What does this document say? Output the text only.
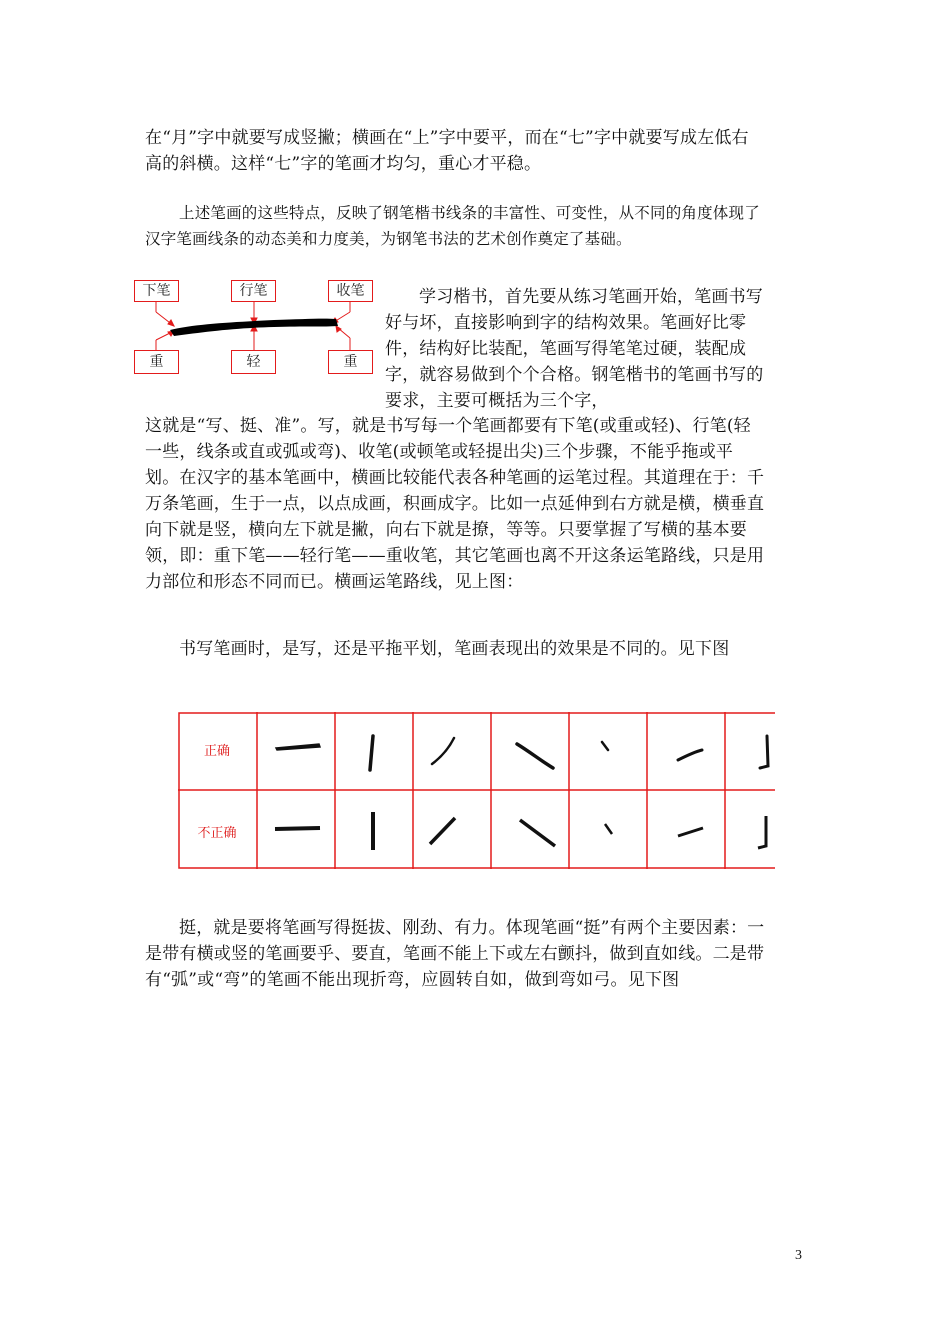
在“月”字中就要写成竖撇；横画在“上”字中要平，而在“七”字中就要写成左低右高的斜横。这样“七”字的笔画才均匀，重心才平稳。
上述笔画的这些特点，反映了钢笔楷书线条的丰富性、可变性，从不同的角度体现了汉字笔画线条的动态美和力度美，为钢笔书法的艺术创作奠定了基础。
下笔	行笔	收笔
重	轻	重
学习楷书，首先要从练习笔画开始，笔画书写好与坏，直接影响到字的结构效果。笔画好比零件，结构好比装配，笔画写得笔笔过硬，装配成字，就容易做到个个合格。钢笔楷书的笔画书写的要求，主要可概括为三个字，
这就是“写、挺、准”。写，就是书写每一个笔画都要有下笔(或重或轻)、行笔(轻一些，线条或直或弧或弯)、收笔(或顿笔或轻提出尖)三个步骤，不能乎拖或平划。在汉字的基本笔画中，横画比较能代表各种笔画的运笔过程。其道理在于：千万条笔画，生于一点，以点成画，积画成字。比如一点延伸到右方就是横，横垂直向下就是竖，横向左下就是撇，向右下就是撩，等等。只要掌握了写横的基本要领，即：重下笔——轻行笔——重收笔，其它笔画也离不开这条运笔路线，只是用力部位和形态不同而已。横画运笔路线，见上图：
书写笔画时，是写，还是平拖平划，笔画表现出的效果是不同的。见下图
正确
不正确
挺，就是要将笔画写得挺拔、刚劲、有力。体现笔画“挺”有两个主要因素：一是带有横或竖的笔画要乎、要直，笔画不能上下或左右颤抖，做到直如线。二是带有“弧”或“弯”的笔画不能出现折弯，应圆转自如，做到弯如弓。见下图
3
